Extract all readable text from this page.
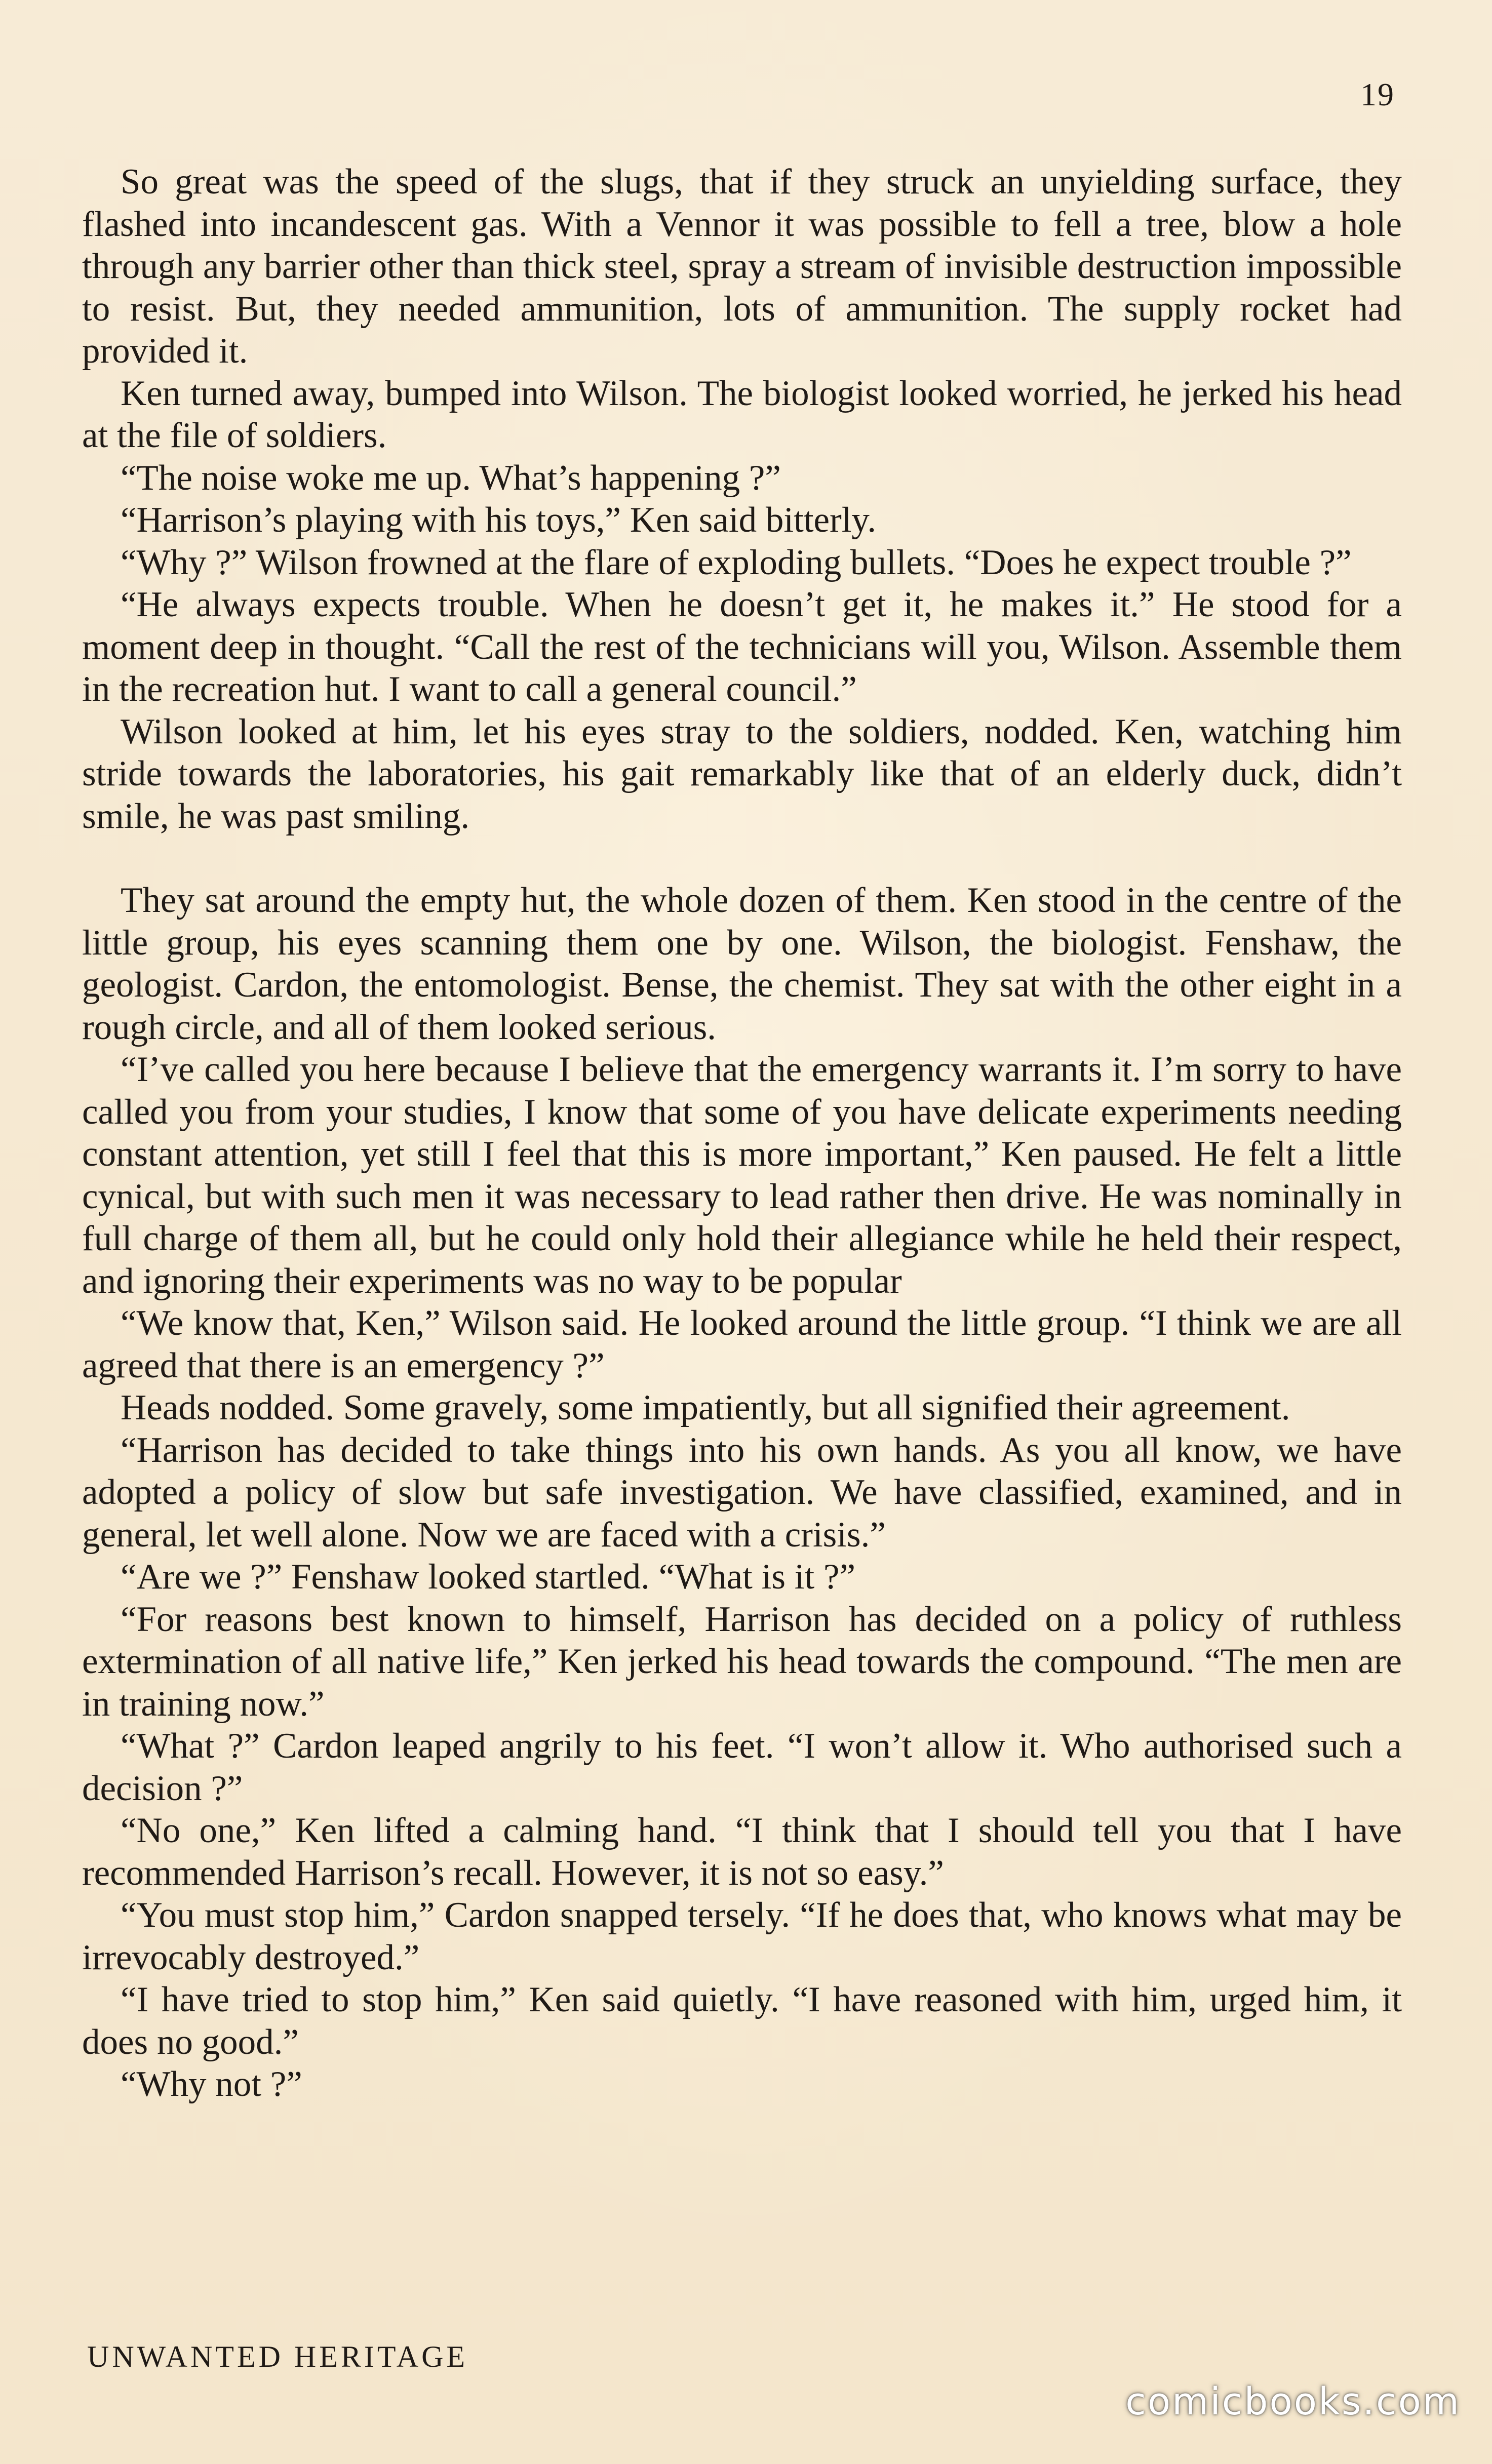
19

So great was the speed of the slugs, that if they struck an unyielding surface, they flashed into incandescent gas. With a Vennor it was possible to fell a tree, blow a hole through any barrier other than thick steel, spray a stream of invisible destruction impossible to resist. But, they needed ammunition, lots of ammunition. The supply rocket had provided it.

Ken turned away, bumped into Wilson. The biologist looked worried, he jerked his head at the file of soldiers.

“The noise woke me up. What’s happening ?”

“Harrison’s playing with his toys,” Ken said bitterly.

“Why ?” Wilson frowned at the flare of exploding bullets. “Does he expect trouble ?”

“He always expects trouble. When he doesn’t get it, he makes it.” He stood for a moment deep in thought. “Call the rest of the technicians will you, Wilson. Assemble them in the recreation hut. I want to call a general council.”

Wilson looked at him, let his eyes stray to the soldiers, nodded. Ken, watching him stride towards the laboratories, his gait remarkably like that of an elderly duck, didn’t smile, he was past smiling.

They sat around the empty hut, the whole dozen of them. Ken stood in the centre of the little group, his eyes scanning them one by one. Wilson, the biologist. Fenshaw, the geologist. Cardon, the entomologist. Bense, the chemist. They sat with the other eight in a rough circle, and all of them looked serious.

“I’ve called you here because I believe that the emergency warrants it. I’m sorry to have called you from your studies, I know that some of you have delicate experiments needing constant attention, yet still I feel that this is more important,” Ken paused. He felt a little cynical, but with such men it was necessary to lead rather then drive. He was nominally in full charge of them all, but he could only hold their allegiance while he held their respect, and ignoring their experiments was no way to be popular

“We know that, Ken,” Wilson said. He looked around the little group. “I think we are all agreed that there is an emergency ?”

Heads nodded. Some gravely, some impatiently, but all signified their agreement.

“Harrison has decided to take things into his own hands. As you all know, we have adopted a policy of slow but safe investigation. We have classified, examined, and in general, let well alone. Now we are faced with a crisis.”

“Are we ?” Fenshaw looked startled. “What is it ?”

“For reasons best known to himself, Harrison has decided on a policy of ruthless extermination of all native life,” Ken jerked his head towards the compound. “The men are in training now.”

“What ?” Cardon leaped angrily to his feet. “I won’t allow it. Who authorised such a decision ?”

“No one,” Ken lifted a calming hand. “I think that I should tell you that I have recommended Harrison’s recall. However, it is not so easy.”

“You must stop him,” Cardon snapped tersely. “If he does that, who knows what may be irrevocably destroyed.”

“I have tried to stop him,” Ken said quietly. “I have reasoned with him, urged him, it does no good.”

“Why not ?”

UNWANTED HERITAGE
comicbooks.com
